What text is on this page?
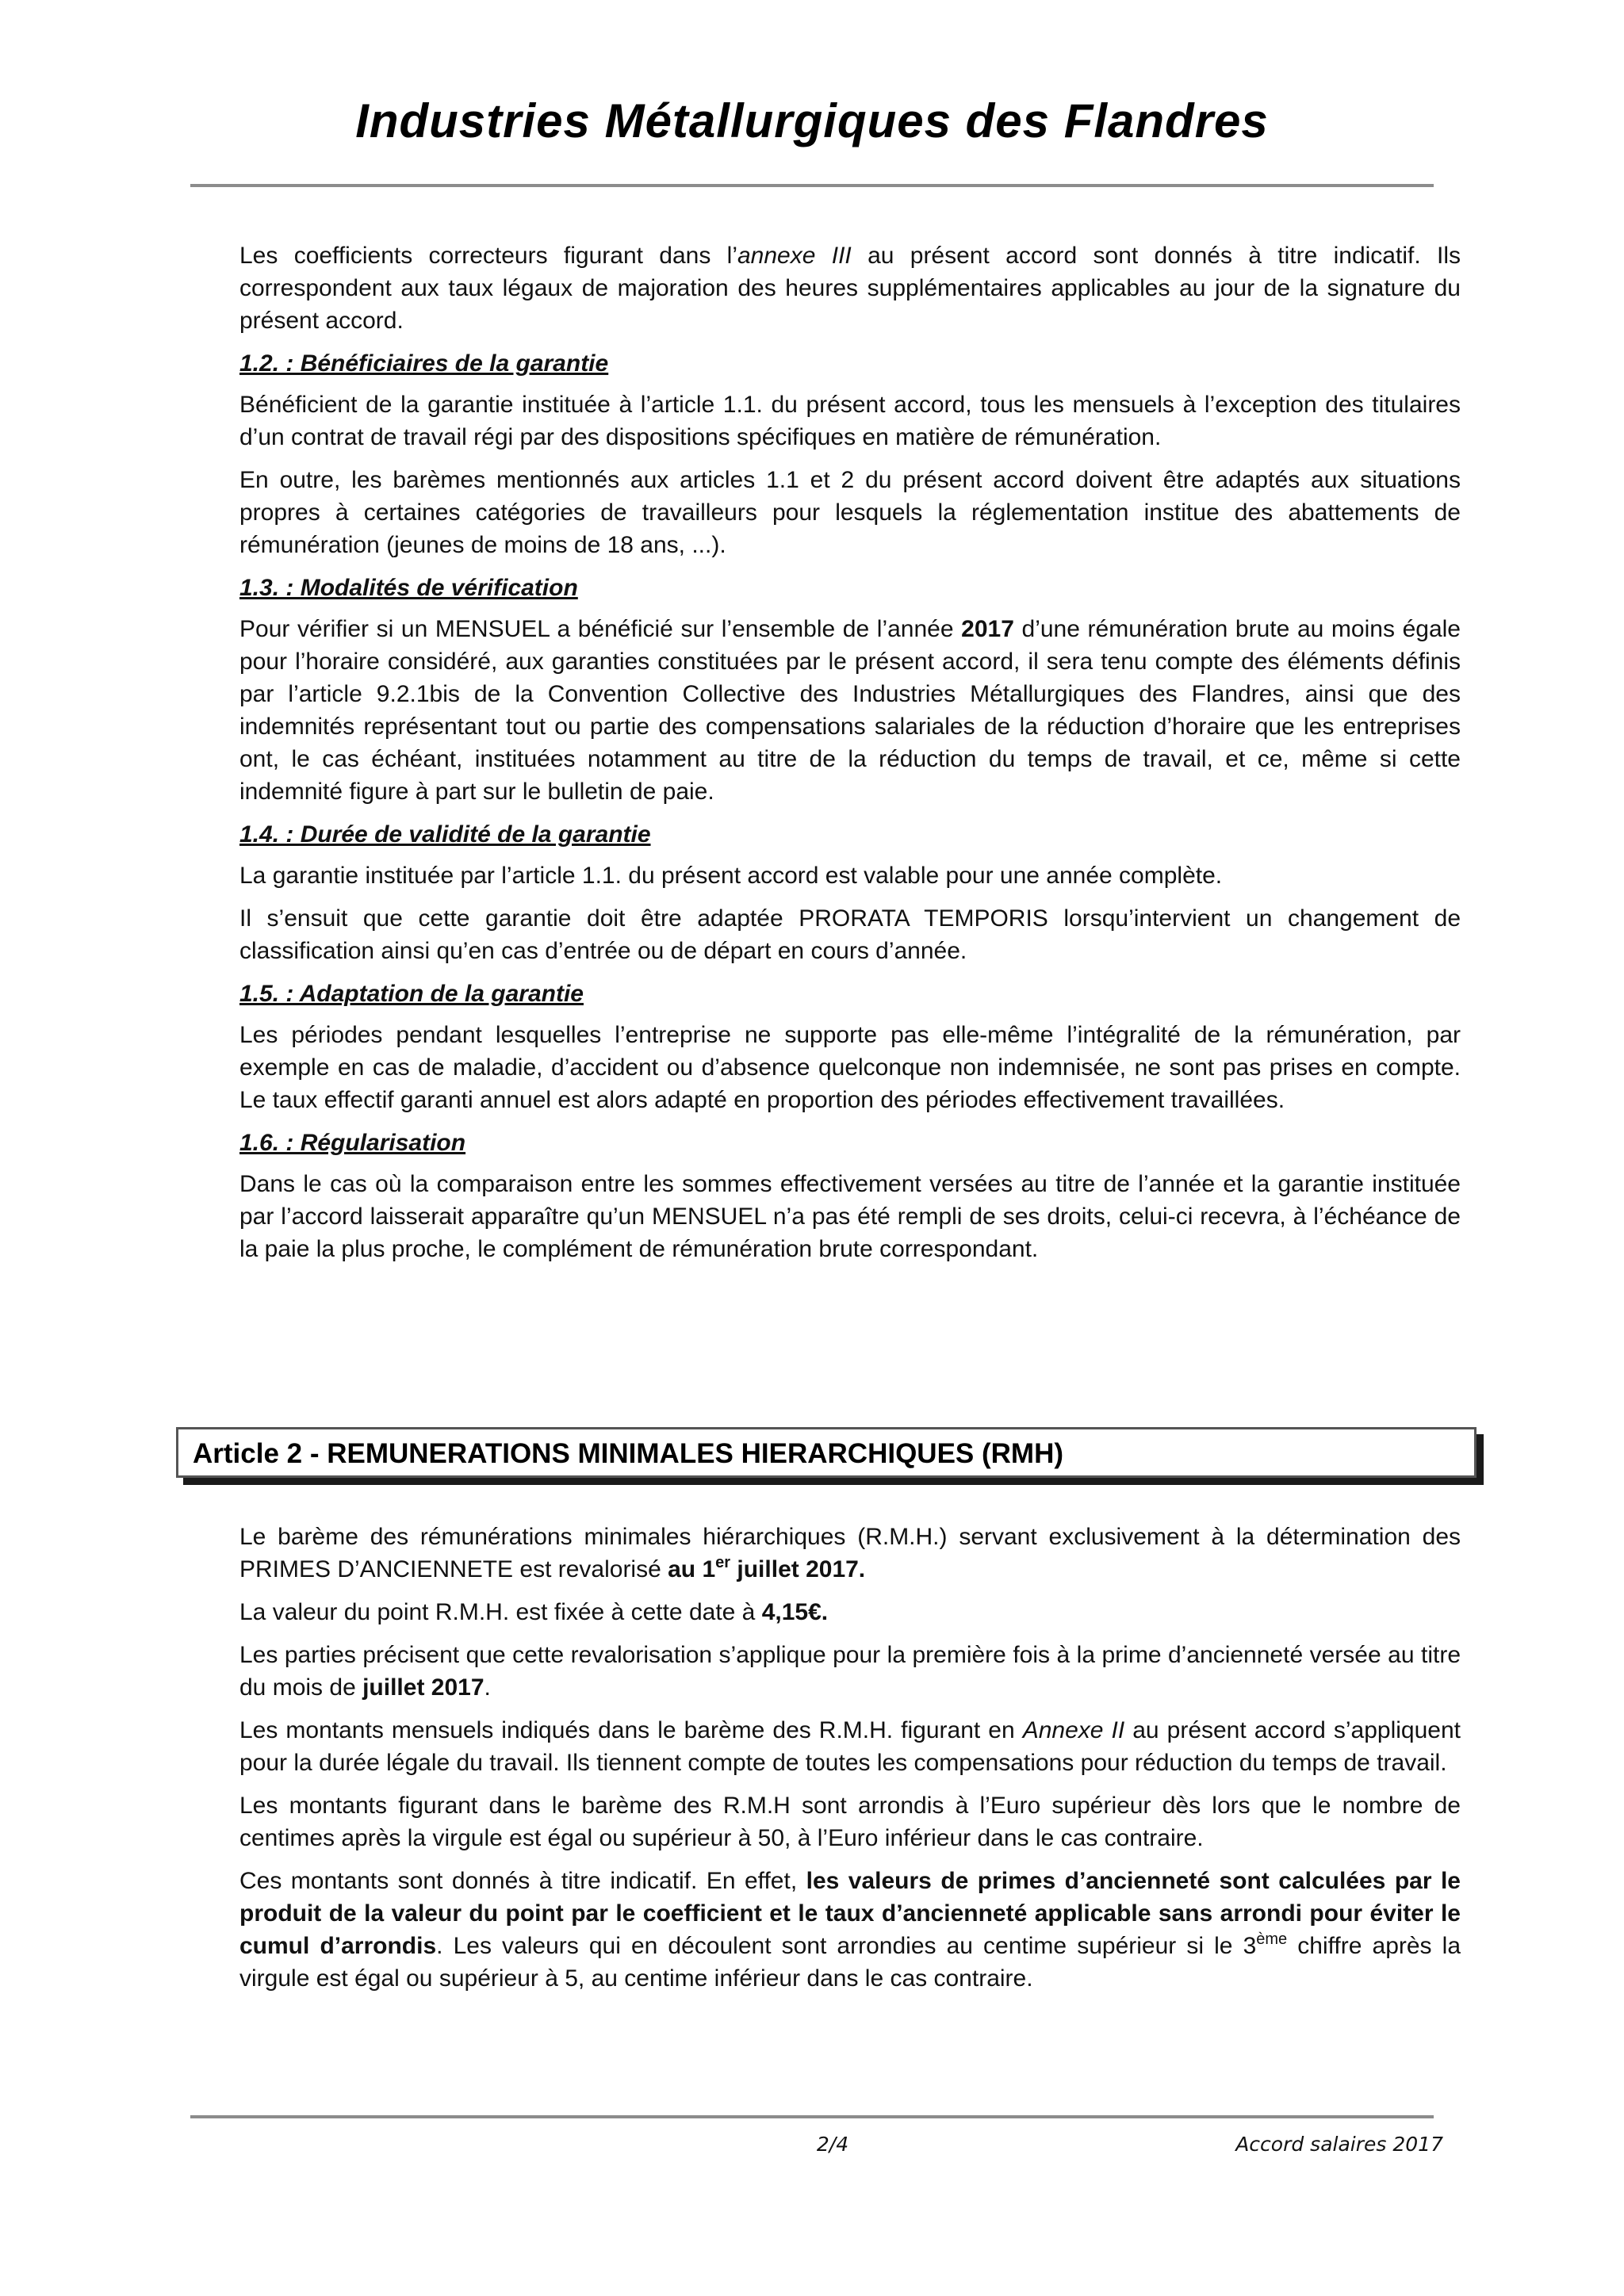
Industries Métallurgiques des Flandres

Les coefficients correcteurs figurant dans l’annexe III au présent accord sont donnés à titre indicatif. Ils correspondent aux taux légaux de majoration des heures supplémentaires applicables au jour de la signature du présent accord.

1.2. : Bénéficiaires de la garantie

Bénéficient de la garantie instituée à l’article 1.1. du présent accord, tous les mensuels à l’exception des titulaires d’un contrat de travail régi par des dispositions spécifiques en matière de rémunération.

En outre, les barèmes mentionnés aux articles 1.1 et 2 du présent accord doivent être adaptés aux situations propres à certaines catégories de travailleurs pour lesquels la réglementation institue des abattements de rémunération (jeunes de moins de 18 ans, ...).

1.3. : Modalités de vérification

Pour vérifier si un MENSUEL a bénéficié sur l’ensemble de l’année 2017 d’une rémunération brute au moins égale pour l’horaire considéré, aux garanties constituées par le présent accord, il sera tenu compte des éléments définis par l’article 9.2.1bis de la Convention Collective des Industries Métallurgiques des Flandres, ainsi que des indemnités représentant tout ou partie des compensations salariales de la réduction d’horaire que les entreprises ont, le cas échéant, instituées notamment au titre de la réduction du temps de travail, et ce, même si cette indemnité figure à part sur le bulletin de paie.

1.4. : Durée de validité de la garantie

La garantie instituée par l’article 1.1. du présent accord est valable pour une année complète.

Il s’ensuit que cette garantie doit être adaptée PRORATA TEMPORIS lorsqu’intervient un changement de classification ainsi qu’en cas d’entrée ou de départ en cours d’année.

1.5. : Adaptation de la garantie

Les périodes pendant lesquelles l’entreprise ne supporte pas elle-même l’intégralité de la rémunération, par exemple en cas de maladie, d’accident ou d’absence quelconque non indemnisée, ne sont pas prises en compte. Le taux effectif garanti annuel est alors adapté en proportion des périodes effectivement travaillées.

1.6. : Régularisation

Dans le cas où la comparaison entre les sommes effectivement versées au titre de l’année et la garantie instituée par l’accord laisserait apparaître qu’un MENSUEL n’a pas été rempli de ses droits, celui-ci recevra, à l’échéance de la paie la plus proche, le complément de rémunération brute correspondant.

Article 2 - REMUNERATIONS MINIMALES HIERARCHIQUES (RMH)

Le barème des rémunérations minimales hiérarchiques (R.M.H.) servant exclusivement à la détermination des PRIMES D’ANCIENNETE est revalorisé au 1er juillet 2017.

La valeur du point R.M.H. est fixée à cette date à 4,15€.

Les parties précisent que cette revalorisation s’applique pour la première fois à la prime d’ancienneté versée au titre du mois de juillet 2017.

Les montants mensuels indiqués dans le barème des R.M.H. figurant en Annexe II au présent accord s’appliquent pour la durée légale du travail. Ils tiennent compte de toutes les compensations pour réduction du temps de travail.

Les montants figurant dans le barème des R.M.H sont arrondis à l’Euro supérieur dès lors que le nombre de centimes après la virgule est égal ou supérieur à 50, à l’Euro inférieur dans le cas contraire.

Ces montants sont donnés à titre indicatif. En effet, les valeurs de primes d’ancienneté sont calculées par le produit de la valeur du point par le coefficient et le taux d’ancienneté applicable sans arrondi pour éviter le cumul d’arrondis. Les valeurs qui en découlent sont arrondies au centime supérieur si le 3ème chiffre après la virgule est égal ou supérieur à 5, au centime inférieur dans le cas contraire.

2/4	Accord salaires 2017
